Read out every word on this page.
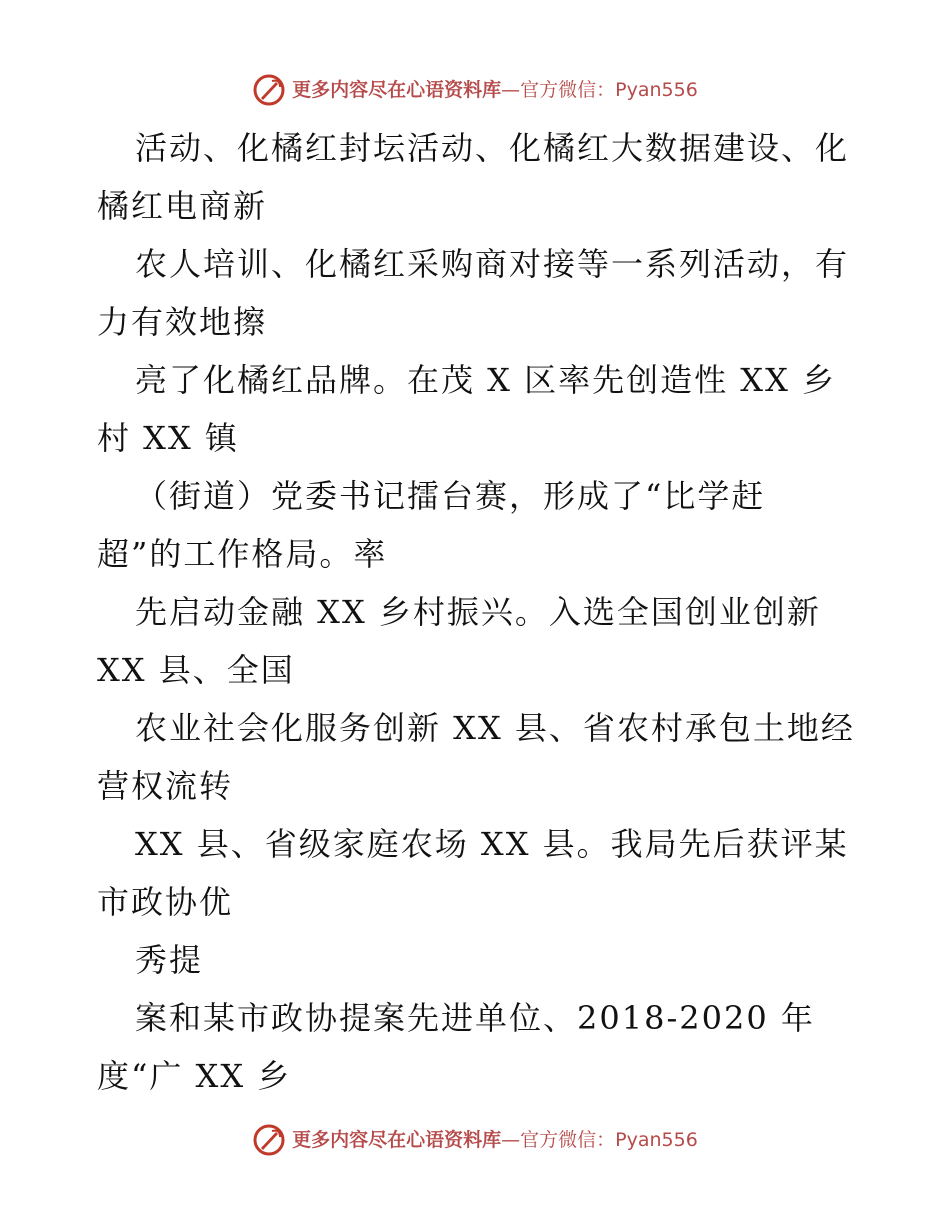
更多内容尽在心语资料库—官方微信：Pyan556
活动、化橘红封坛活动、化橘红大数据建设、化
橘红电商新
农人培训、化橘红采购商对接等一系列活动，有
力有效地擦
亮了化橘红品牌。在茂 X 区率先创造性 XX 乡
村 XX 镇
（街道）党委书记擂台赛，形成了“比学赶
超”的工作格局。率
先启动金融 XX 乡村振兴。入选全国创业创新
XX 县、全国
农业社会化服务创新 XX 县、省农村承包土地经
营权流转
XX 县、省级家庭农场 XX 县。我局先后获评某
市政协优
秀提
案和某市政协提案先进单位、2018-2020 年
度“广 XX 乡
更多内容尽在心语资料库—官方微信：Pyan556
